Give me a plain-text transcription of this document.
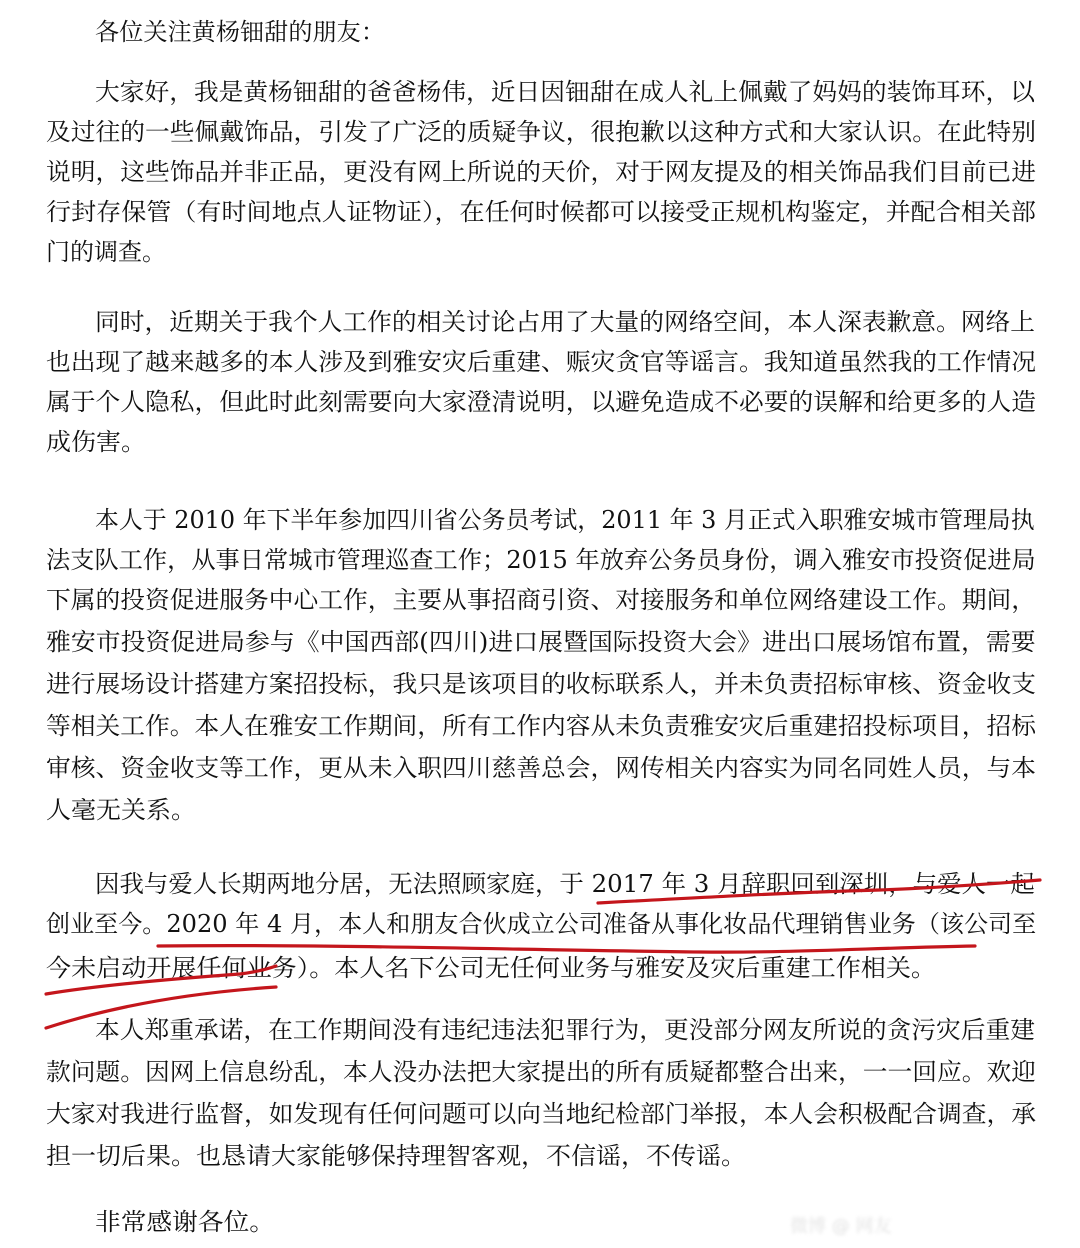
各位关注黄杨钿甜的朋友：
大家好，我是黄杨钿甜的爸爸杨伟，近日因钿甜在成人礼上佩戴了妈妈的装饰耳环，以
及过往的一些佩戴饰品，引发了广泛的质疑争议，很抱歉以这种方式和大家认识。在此特别
说明，这些饰品并非正品，更没有网上所说的天价，对于网友提及的相关饰品我们目前已进
行封存保管（有时间地点人证物证），在任何时候都可以接受正规机构鉴定，并配合相关部
门的调查。
同时，近期关于我个人工作的相关讨论占用了大量的网络空间，本人深表歉意。网络上
也出现了越来越多的本人涉及到雅安灾后重建、赈灾贪官等谣言。我知道虽然我的工作情况
属于个人隐私，但此时此刻需要向大家澄清说明，以避免造成不必要的误解和给更多的人造
成伤害。
本人于 2010 年下半年参加四川省公务员考试，2011 年 3 月正式入职雅安城市管理局执
法支队工作，从事日常城市管理巡查工作；2015 年放弃公务员身份，调入雅安市投资促进局
下属的投资促进服务中心工作，主要从事招商引资、对接服务和单位网络建设工作。期间，
雅安市投资促进局参与《中国西部(四川)进口展暨国际投资大会》进出口展场馆布置，需要
进行展场设计搭建方案招投标，我只是该项目的收标联系人，并未负责招标审核、资金收支
等相关工作。本人在雅安工作期间，所有工作内容从未负责雅安灾后重建招投标项目，招标
审核、资金收支等工作，更从未入职四川慈善总会，网传相关内容实为同名同姓人员，与本
人毫无关系。
因我与爱人长期两地分居，无法照顾家庭，于 2017 年 3 月辞职回到深圳，与爱人一起
创业至今。2020 年 4 月，本人和朋友合伙成立公司准备从事化妆品代理销售业务（该公司至
今未启动开展任何业务）。本人名下公司无任何业务与雅安及灾后重建工作相关。
本人郑重承诺，在工作期间没有违纪违法犯罪行为，更没部分网友所说的贪污灾后重建
款问题。因网上信息纷乱，本人没办法把大家提出的所有质疑都整合出来，一一回应。欢迎
大家对我进行监督，如发现有任何问题可以向当地纪检部门举报，本人会积极配合调查，承
担一切后果。也恳请大家能够保持理智客观，不信谣，不传谣。
非常感谢各位。	微博 @ 网友
